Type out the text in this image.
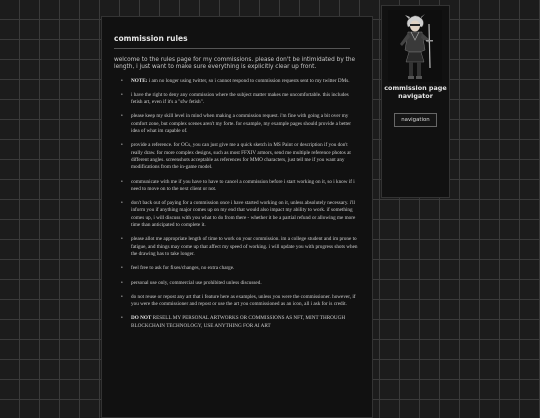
commission rules
welcome to the rules page for my commissions. please don't be intimidated by the length, i just want to make sure everything is explicitly clear up front.
• NOTE: i am no longer using twitter, so i cannot respond to commission requests sent to my twitter DMs.
• i have the right to deny any commission where the subject matter makes me uncomfortable. this includes fetish art, even if it's a "sfw fetish".
• please keep my skill level in mind when making a commission request. i'm fine with going a bit over my comfort zone, but complex scenes aren't my forte. for example, my example pages should provide a better idea of what im capable of.
• provide a reference. for OCs, you can just give me a quick sketch in MS Paint or description if you don't really draw. for more complex designs, such as most FFXIV armors, send me multiple reference photos at different angles. screenshots acceptable as references for MMO characters, just tell me if you want any modifications from the in-game model.
• communicate with me if you have to have to cancel a commission before i start working on it, so i know if i need to move on to the next client or not.
• don't back out of paying for a commission once i have started working on it, unless absolutely necessary. i'll inform you if anything major comes up on my end that would also impact my ability to work. if something comes up, i will discuss with you what to do from there - whether it be a partial refund or allowing me more time than anticipated to complete it.
• please allot me appropriate length of time to work on your commission. im a college student and im prone to fatigue, and things may come up that affect my speed of working. i will update you with progress shots when the drawing has to take longer.
• feel free to ask for fixes/changes, no extra charge.
• personal use only, commercial use prohibited unless discussed.
• do not reuse or repost any art that i feature here as examples, unless you were the commissioner. however, if you were the commissioner and repost or use the art you commissioned as an icon, all i ask for is credit.
• DO NOT RESELL MY PERSONAL ARTWORKS OR COMMISSIONS AS NFT, MINT THROUGH BLOCKCHAIN TECHNOLOGY, USE ANYTHING FOR AI ART
commission page navigator
navigation
